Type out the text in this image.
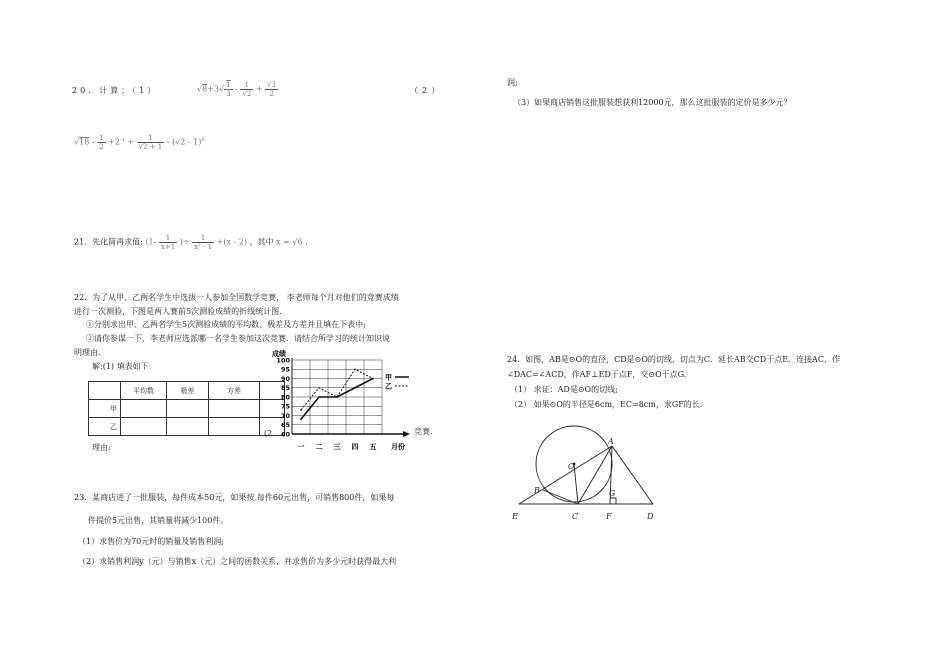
20．计算：（1）	$√8+3√ \frac{1}{3} - \frac{1}{√2} + \frac{√3}{2}$	（2）
$√18 - \frac{1}{2} +2^{-1} + \frac{1}{√2 + 1} - (√2 - 1)^0$
21．先化简再求值: ($1- \frac{1}{x+1}$ )÷ $\frac{1}{\text{x² - 1}} +(x - 2)$ ，其中 x = √6 .
22．为了从甲、乙两名学生中选拔一人参加全国数学竞赛， 李老师每个月对他们的竞赛成绩
进行一次测验，下图是两人赛前5次测验成绩的折线统计图.
①分别求出甲、乙两名学生5次测验成绩的平均数、极差及方差并且填在下表中;
②请你参谋一下，李老师应选派哪一名学生参加这次竞赛．请结合所学习的统计知识说
明理由.
解:(1) 填表如下:
	平均数	极差	方差	
甲				
乙				
理由:
(2	竞赛.
成绩
100
95
90
85
80
75
70
65
60
一 二 三 四 五
甲
乙
月份
23．某商店进了一批服装，每件成本50元，如果按,每件60元出售，可销售800件，如果每
件提价5元出售，其销量将减少100件。
（1）求售价为70元时的销量及销售利润;
（2）求销售利润y（元）与销售x（元）之间的函数关系，并求售价为多少元时获得最大利
润;
（3）如果商店销售这批服装想获利12000元，那么这批服装的定价是多少元？
24．如图，AB是⊙O的直径，CD是⊙O的切线，切点为C．延长AB交CD于点E．连接AC，作
∠DAC=∠ACD，作AF⊥ED于点F，交⊙O于点G.
（1） 求证：AD是⊙O的切线;
（2） 如果⊙O的半径是6cm，EC=8cm，求GF的长.
A
O
B	G
E	C	F	D
